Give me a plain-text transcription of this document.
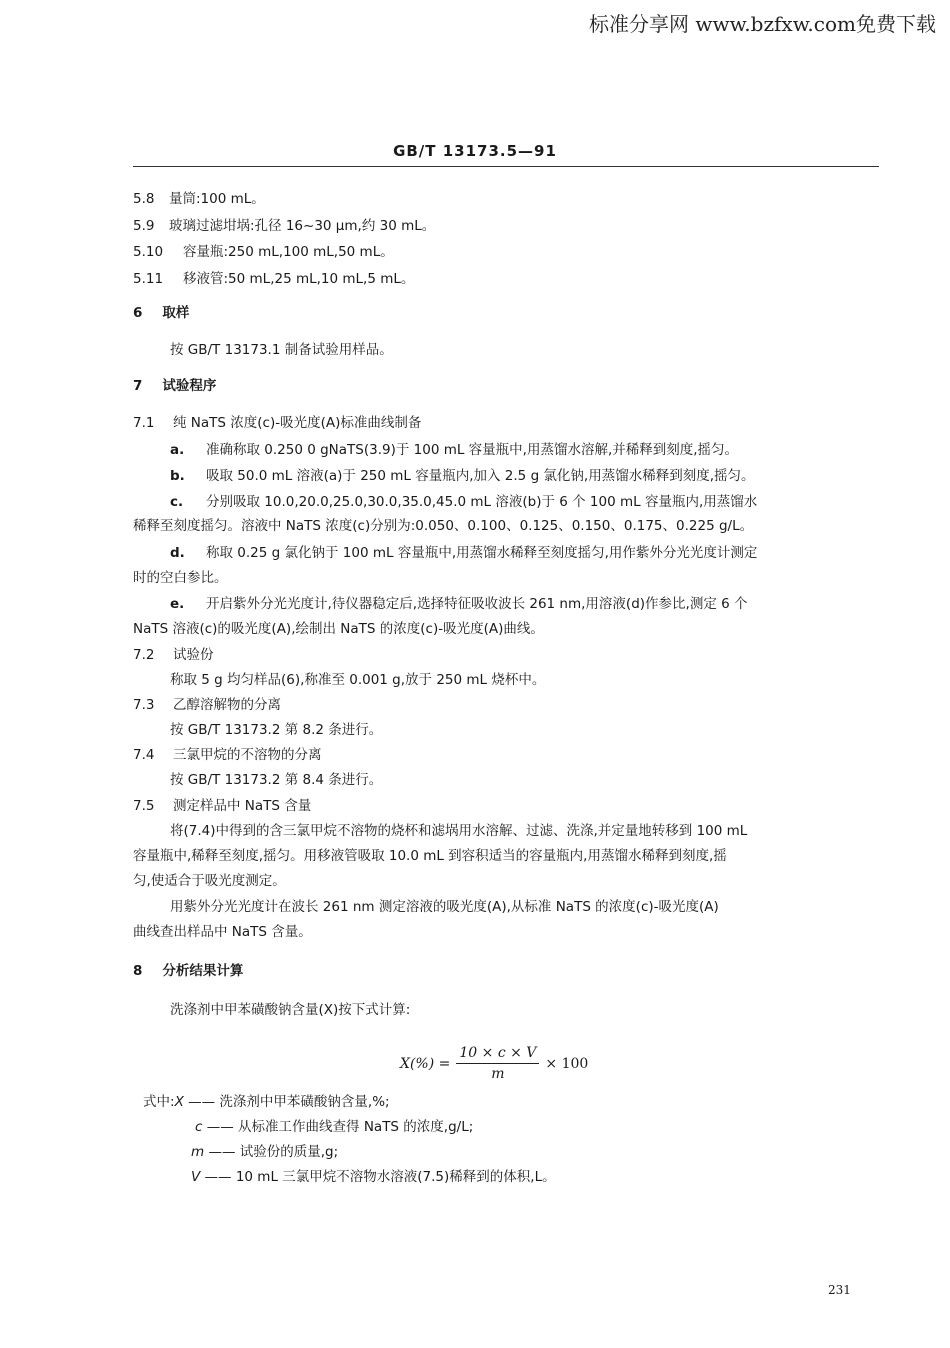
标准分享网 www.bzfxw.com免费下载
GB/T 13173.5—91
5.8 量筒:100 mL。
5.9 玻璃过滤坩埚:孔径 16~30 μm,约 30 mL。
5.10 容量瓶:250 mL,100 mL,50 mL。
5.11 移液管:50 mL,25 mL,10 mL,5 mL。
6 取样
按 GB/T 13173.1 制备试验用样品。
7 试验程序
7.1 纯 NaTS 浓度(c)-吸光度(A)标准曲线制备
a. 准确称取 0.250 0 gNaTS(3.9)于 100 mL 容量瓶中,用蒸馏水溶解,并稀释到刻度,摇匀。
b. 吸取 50.0 mL 溶液(a)于 250 mL 容量瓶内,加入 2.5 g 氯化钠,用蒸馏水稀释到刻度,摇匀。
c. 分别吸取 10.0,20.0,25.0,30.0,35.0,45.0 mL 溶液(b)于 6 个 100 mL 容量瓶内,用蒸馏水
稀释至刻度摇匀。溶液中 NaTS 浓度(c)分别为:0.050、0.100、0.125、0.150、0.175、0.225 g/L。
d. 称取 0.25 g 氯化钠于 100 mL 容量瓶中,用蒸馏水稀释至刻度摇匀,用作紫外分光光度计测定
时的空白参比。
e. 开启紫外分光光度计,待仪器稳定后,选择特征吸收波长 261 nm,用溶液(d)作参比,测定 6 个
NaTS 溶液(c)的吸光度(A),绘制出 NaTS 的浓度(c)-吸光度(A)曲线。
7.2 试验份
称取 5 g 均匀样品(6),称准至 0.001 g,放于 250 mL 烧杯中。
7.3 乙醇溶解物的分离
按 GB/T 13173.2 第 8.2 条进行。
7.4 三氯甲烷的不溶物的分离
按 GB/T 13173.2 第 8.4 条进行。
7.5 测定样品中 NaTS 含量
将(7.4)中得到的含三氯甲烷不溶物的烧杯和滤埚用水溶解、过滤、洗涤,并定量地转移到 100 mL
容量瓶中,稀释至刻度,摇匀。用移液管吸取 10.0 mL 到容积适当的容量瓶内,用蒸馏水稀释到刻度,摇
匀,使适合于吸光度测定。
用紫外分光光度计在波长 261 nm 测定溶液的吸光度(A),从标准 NaTS 的浓度(c)-吸光度(A)
曲线查出样品中 NaTS 含量。
8 分析结果计算
洗涤剂中甲苯磺酸钠含量(X)按下式计算:
$X(\%) = \frac{10 \times c \times V}{m} \times 100$
式中:X —— 洗涤剂中甲苯磺酸钠含量,%;
c —— 从标准工作曲线查得 NaTS 的浓度,g/L;
m —— 试验份的质量,g;
V —— 10 mL 三氯甲烷不溶物水溶液(7.5)稀释到的体积,L。
231
